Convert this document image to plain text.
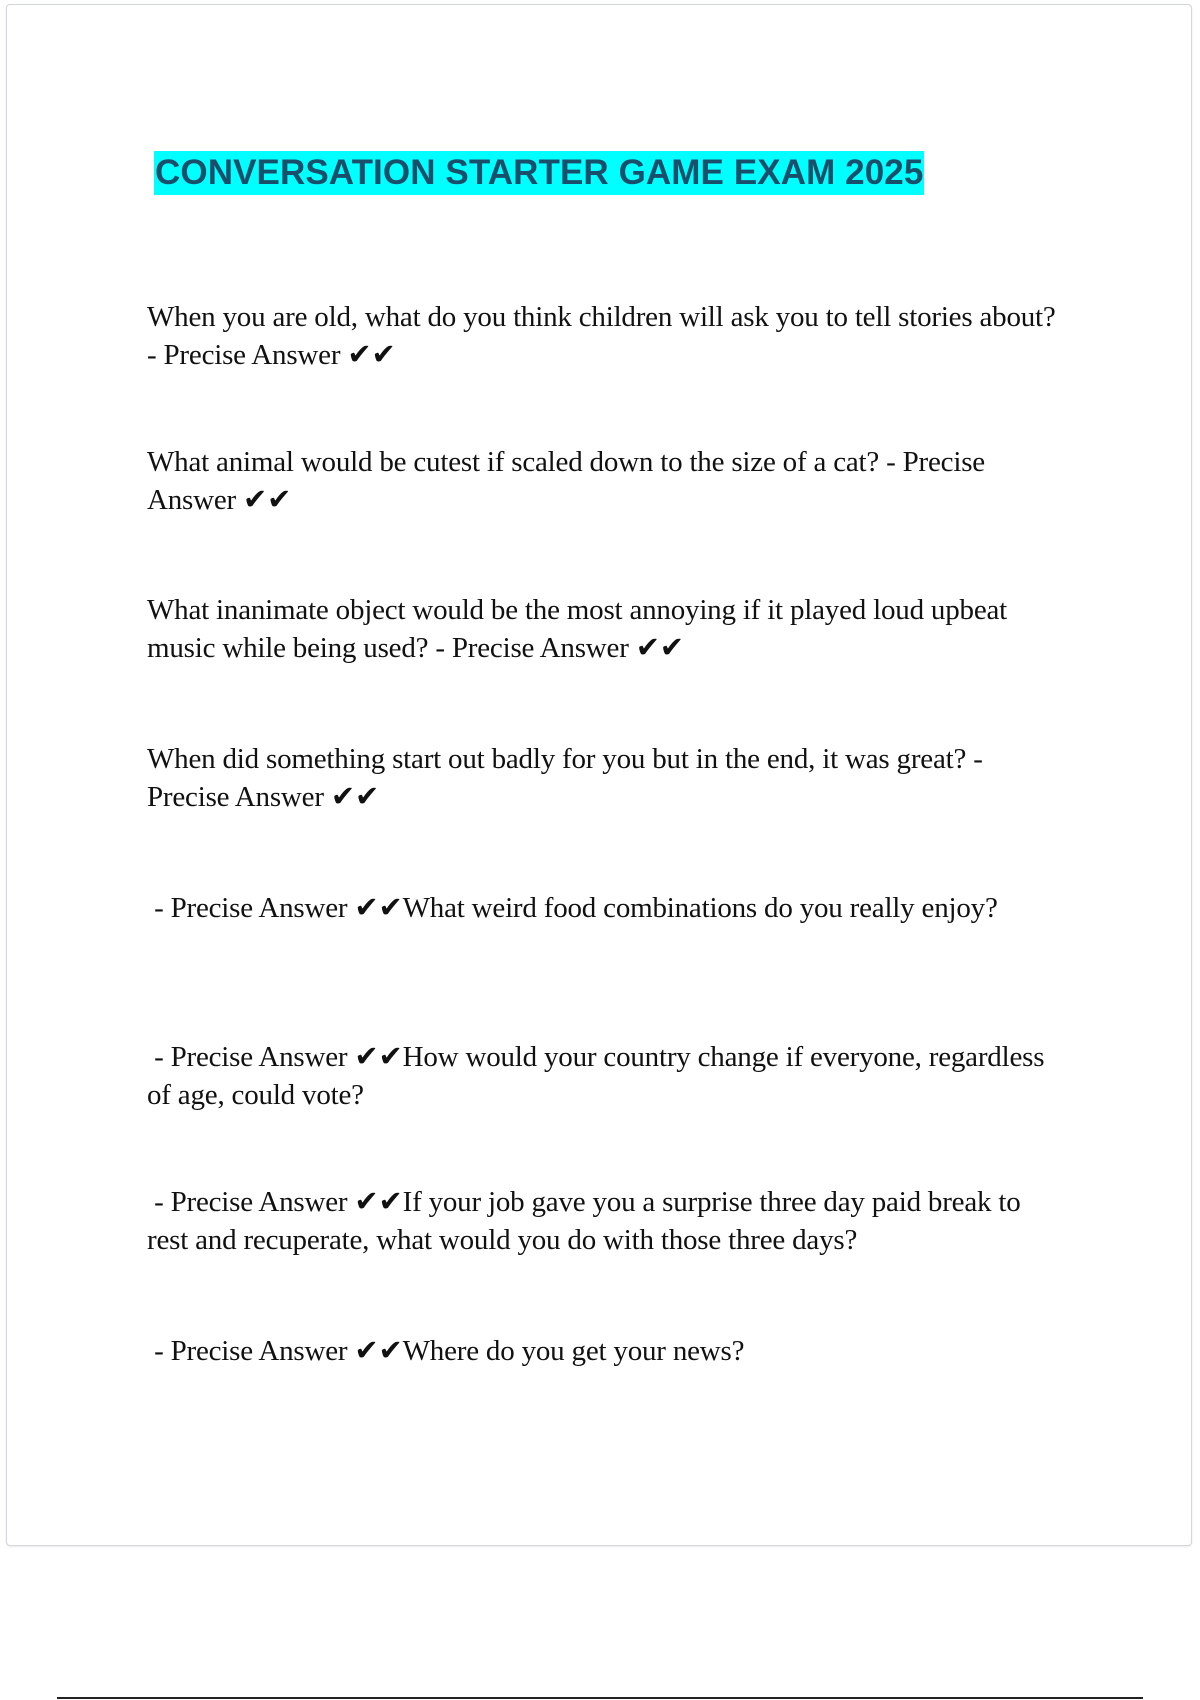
CONVERSATION STARTER GAME EXAM 2025

When you are old, what do you think children will ask you to tell stories about? - Precise Answer ✔✔

What animal would be cutest if scaled down to the size of a cat? - Precise Answer ✔✔

What inanimate object would be the most annoying if it played loud upbeat music while being used? - Precise Answer ✔✔

When did something start out badly for you but in the end, it was great? - Precise Answer ✔✔

- Precise Answer ✔✔What weird food combinations do you really enjoy?

- Precise Answer ✔✔How would your country change if everyone, regardless of age, could vote?

- Precise Answer ✔✔If your job gave you a surprise three day paid break to rest and recuperate, what would you do with those three days?

- Precise Answer ✔✔Where do you get your news?
